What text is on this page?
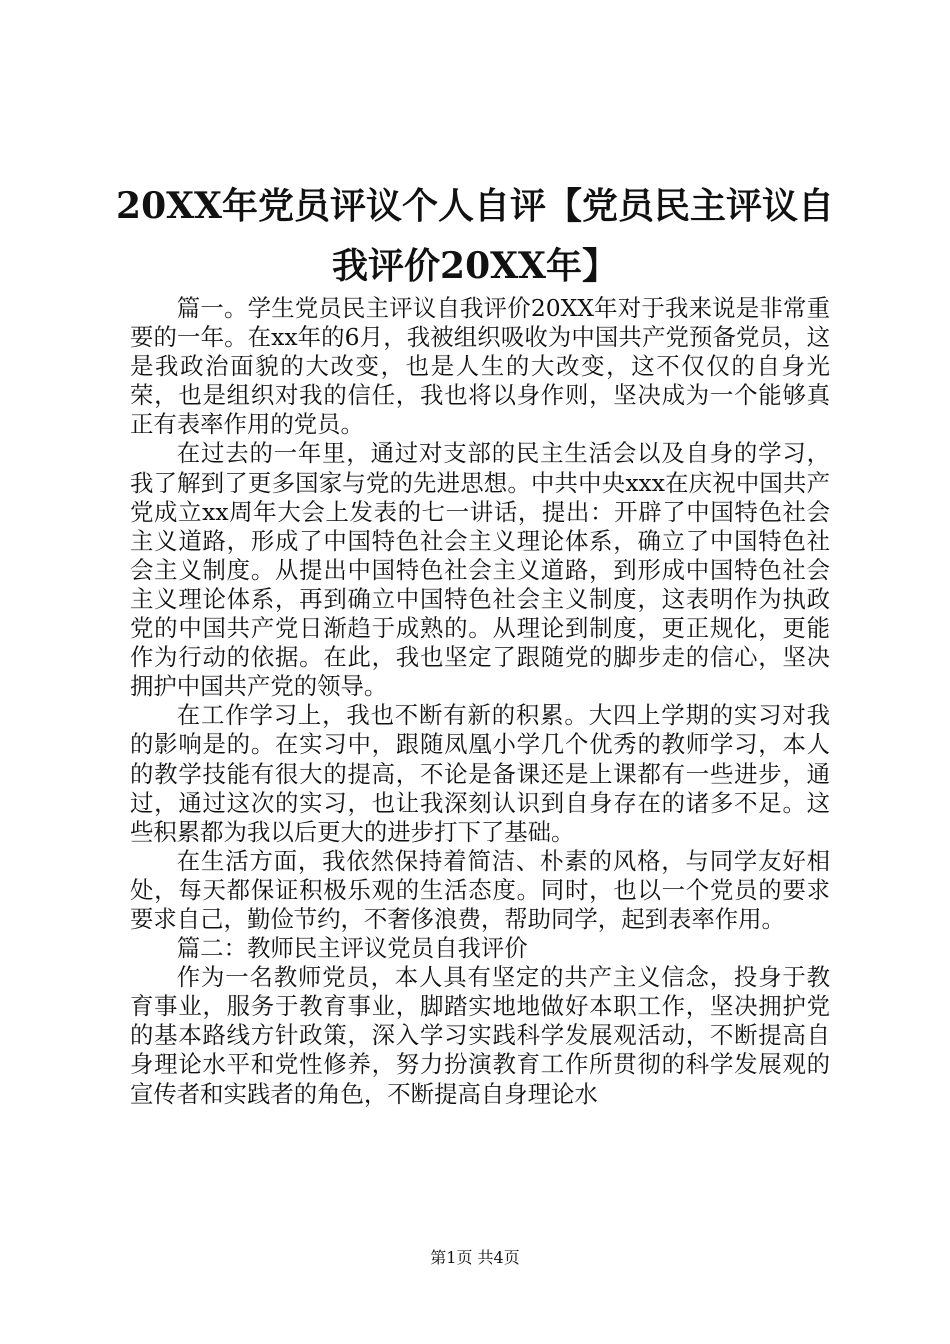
20XX年党员评议个人自评【党员民主评议自
我评价20XX年】

篇一。学生党员民主评议自我评价20XX年对于我来说是非常重要的一年。在xx年的6月，我被组织吸收为中国共产党预备党员，这是我政治面貌的大改变，也是人生的大改变，这不仅仅的自身光荣，也是组织对我的信任，我也将以身作则，坚决成为一个能够真正有表率作用的党员。

在过去的一年里，通过对支部的民主生活会以及自身的学习，我了解到了更多国家与党的先进思想。中共中央xxx在庆祝中国共产党成立xx周年大会上发表的七一讲话，提出：开辟了中国特色社会主义道路，形成了中国特色社会主义理论体系，确立了中国特色社会主义制度。从提出中国特色社会主义道路，到形成中国特色社会主义理论体系，再到确立中国特色社会主义制度，这表明作为执政党的中国共产党日渐趋于成熟的。从理论到制度，更正规化，更能作为行动的依据。在此，我也坚定了跟随党的脚步走的信心，坚决拥护中国共产党的领导。

在工作学习上，我也不断有新的积累。大四上学期的实习对我的影响是的。在实习中，跟随凤凰小学几个优秀的教师学习，本人的教学技能有很大的提高，不论是备课还是上课都有一些进步，通过，通过这次的实习，也让我深刻认识到自身存在的诸多不足。这些积累都为我以后更大的进步打下了基础。

在生活方面，我依然保持着简洁、朴素的风格，与同学友好相处，每天都保证积极乐观的生活态度。同时，也以一个党员的要求要求自己，勤俭节约，不奢侈浪费，帮助同学，起到表率作用。

篇二：教师民主评议党员自我评价

作为一名教师党员，本人具有坚定的共产主义信念，投身于教育事业，服务于教育事业，脚踏实地地做好本职工作，坚决拥护党的基本路线方针政策，深入学习实践科学发展观活动，不断提高自身理论水平和党性修养，努力扮演教育工作所贯彻的科学发展观的宣传者和实践者的角色，不断提高自身理论水

第1页 共4页
